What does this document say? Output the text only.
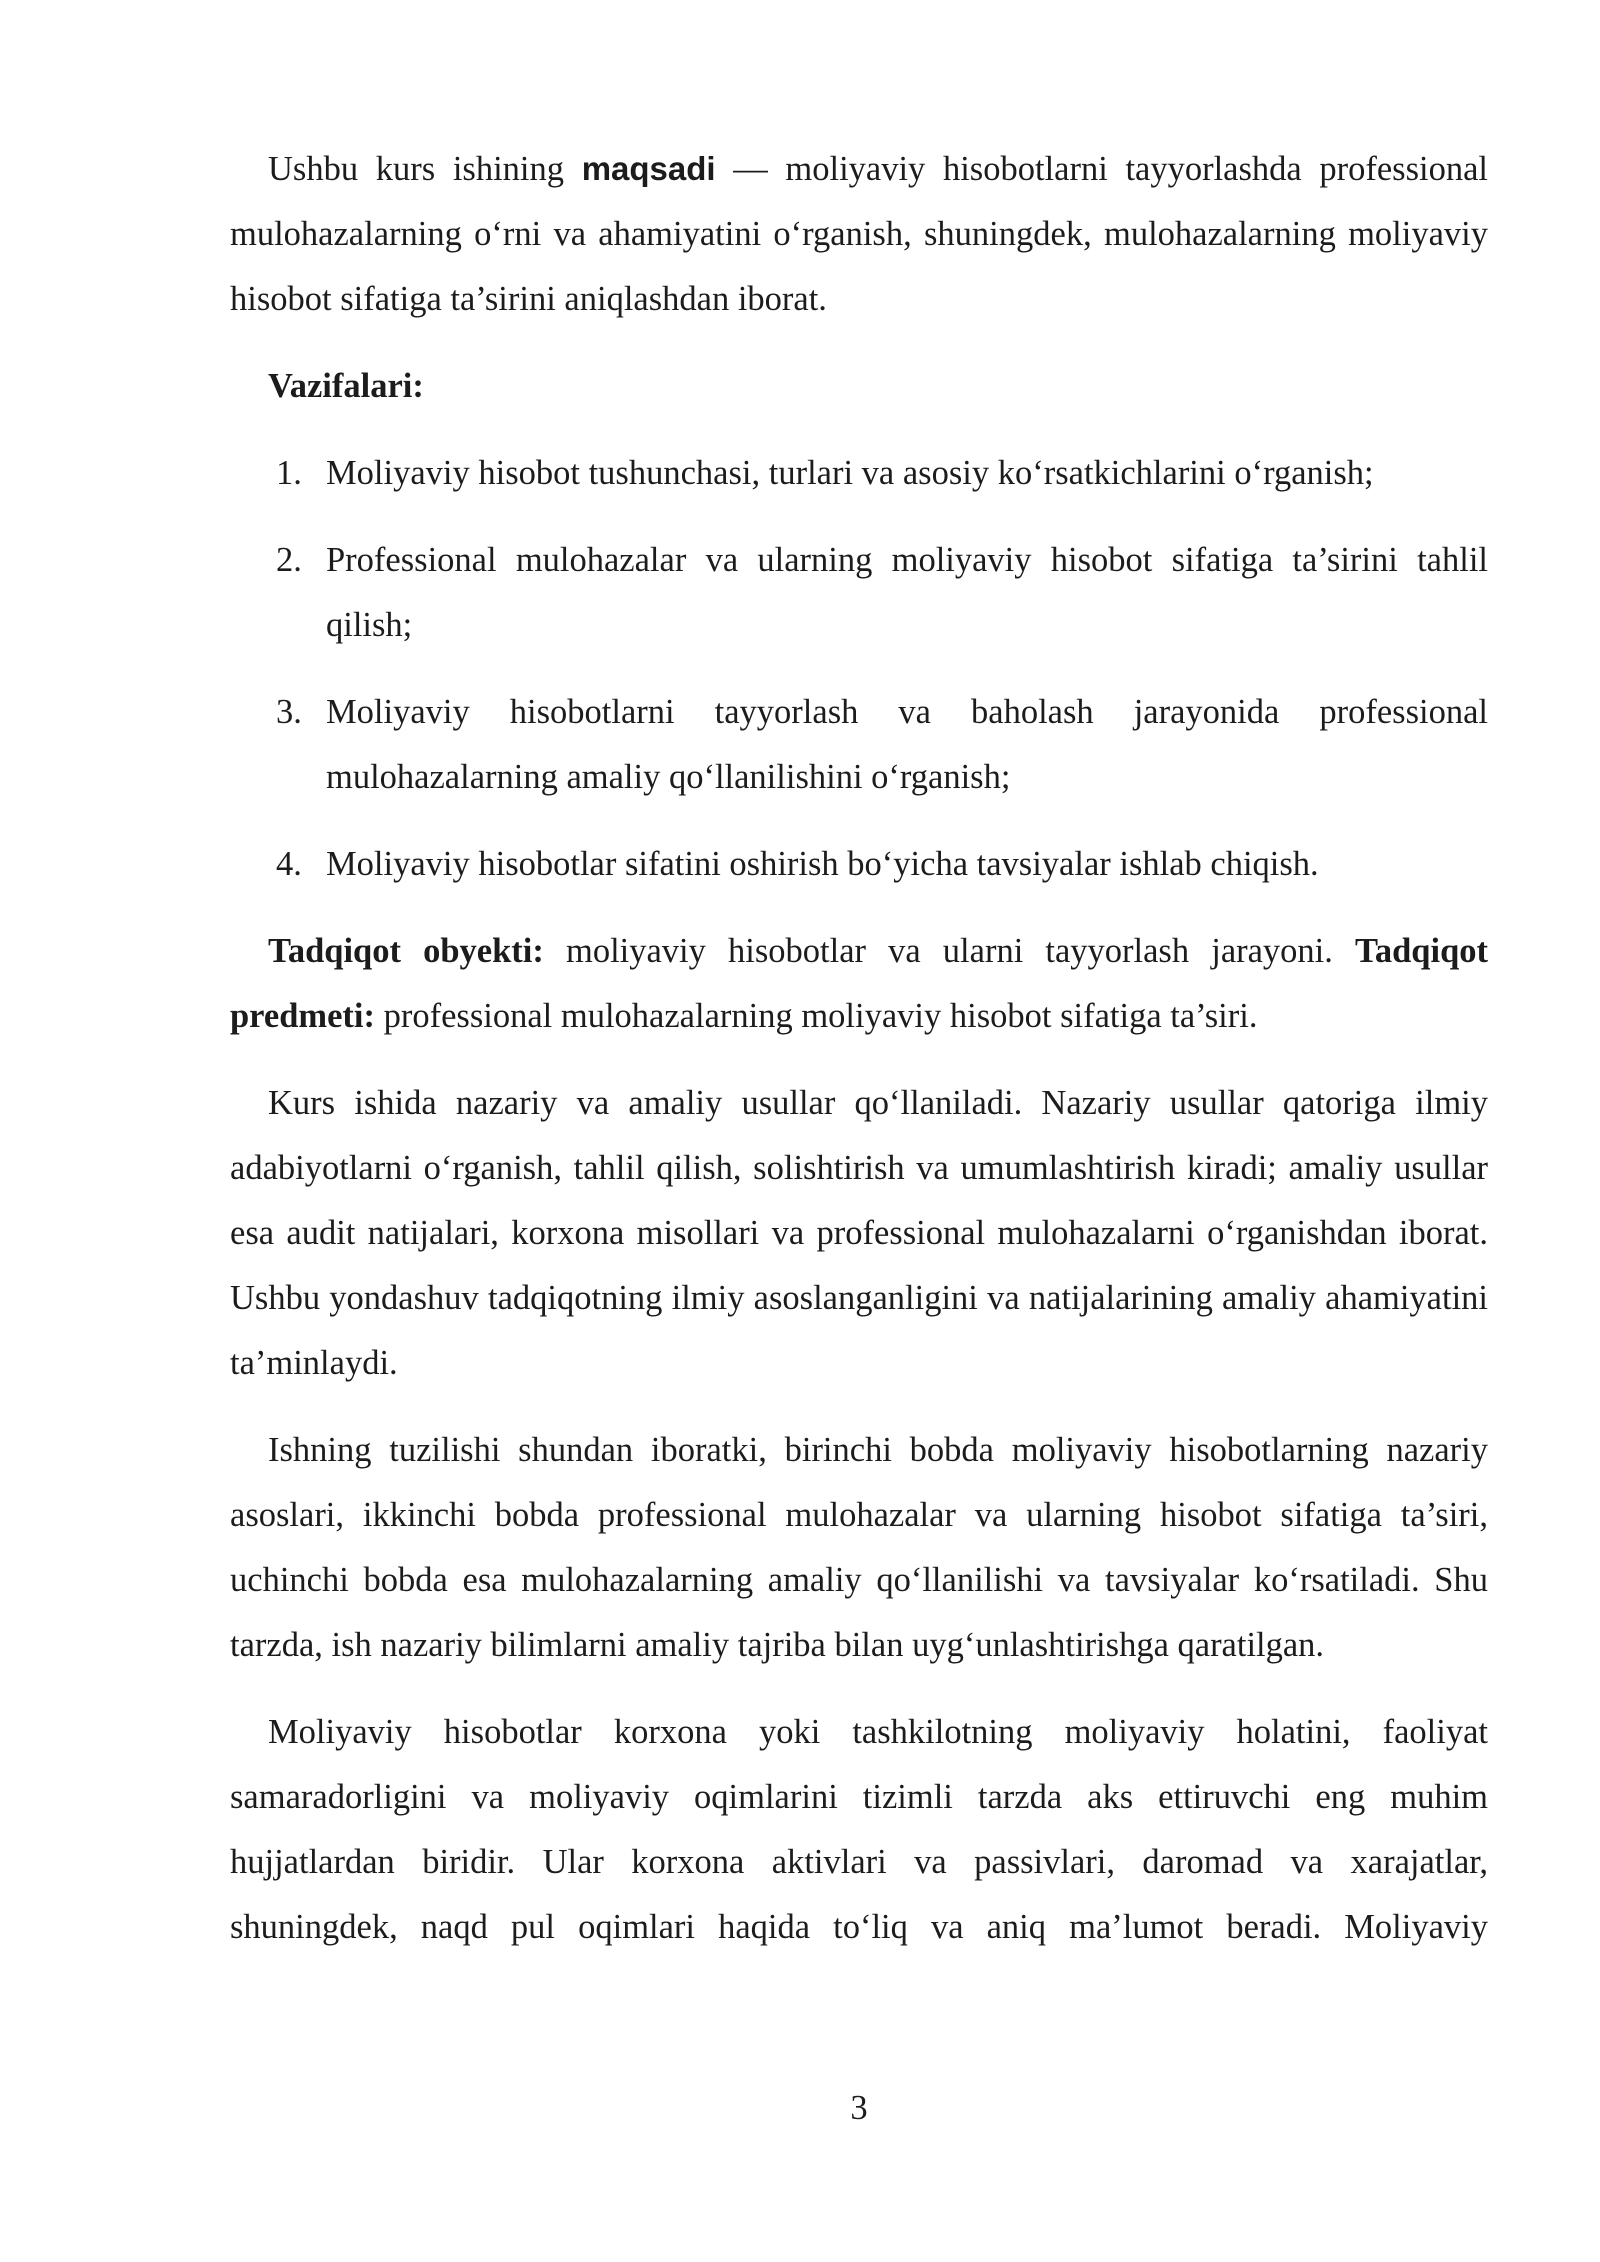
Ushbu kurs ishining maqsadi — moliyaviy hisobotlarni tayyorlashda professional mulohazalarning o‘rni va ahamiyatini o‘rganish, shuningdek, mulohazalarning moliyaviy hisobot sifatiga ta’sirini aniqlashdan iborat.

Vazifalari:

1. Moliyaviy hisobot tushunchasi, turlari va asosiy ko‘rsatkichlarini o‘rganish;
2. Professional mulohazalar va ularning moliyaviy hisobot sifatiga ta’sirini tahlil qilish;
3. Moliyaviy hisobotlarni tayyorlash va baholash jarayonida professional mulohazalarning amaliy qo‘llanilishini o‘rganish;
4. Moliyaviy hisobotlar sifatini oshirish bo‘yicha tavsiyalar ishlab chiqish.

Tadqiqot obyekti: moliyaviy hisobotlar va ularni tayyorlash jarayoni. Tadqiqot predmeti: professional mulohazalarning moliyaviy hisobot sifatiga ta’siri.

Kurs ishida nazariy va amaliy usullar qo‘llaniladi. Nazariy usullar qatoriga ilmiy adabiyotlarni o‘rganish, tahlil qilish, solishtirish va umumlashtirish kiradi; amaliy usullar esa audit natijalari, korxona misollari va professional mulohazalarni o‘rganishdan iborat. Ushbu yondashuv tadqiqotning ilmiy asoslanganligini va natijalarining amaliy ahamiyatini ta’minlaydi.

Ishning tuzilishi shundan iboratki, birinchi bobda moliyaviy hisobotlarning nazariy asoslari, ikkinchi bobda professional mulohazalar va ularning hisobot sifatiga ta’siri, uchinchi bobda esa mulohazalarning amaliy qo‘llanilishi va tavsiyalar ko‘rsatiladi. Shu tarzda, ish nazariy bilimlarni amaliy tajriba bilan uyg‘unlashtirishga qaratilgan.

Moliyaviy hisobotlar korxona yoki tashkilotning moliyaviy holatini, faoliyat samaradorligini va moliyaviy oqimlarini tizimli tarzda aks ettiruvchi eng muhim hujjatlardan biridir. Ular korxona aktivlari va passivlari, daromad va xarajatlar, shuningdek, naqd pul oqimlari haqida to‘liq va aniq ma’lumot beradi. Moliyaviy

3
